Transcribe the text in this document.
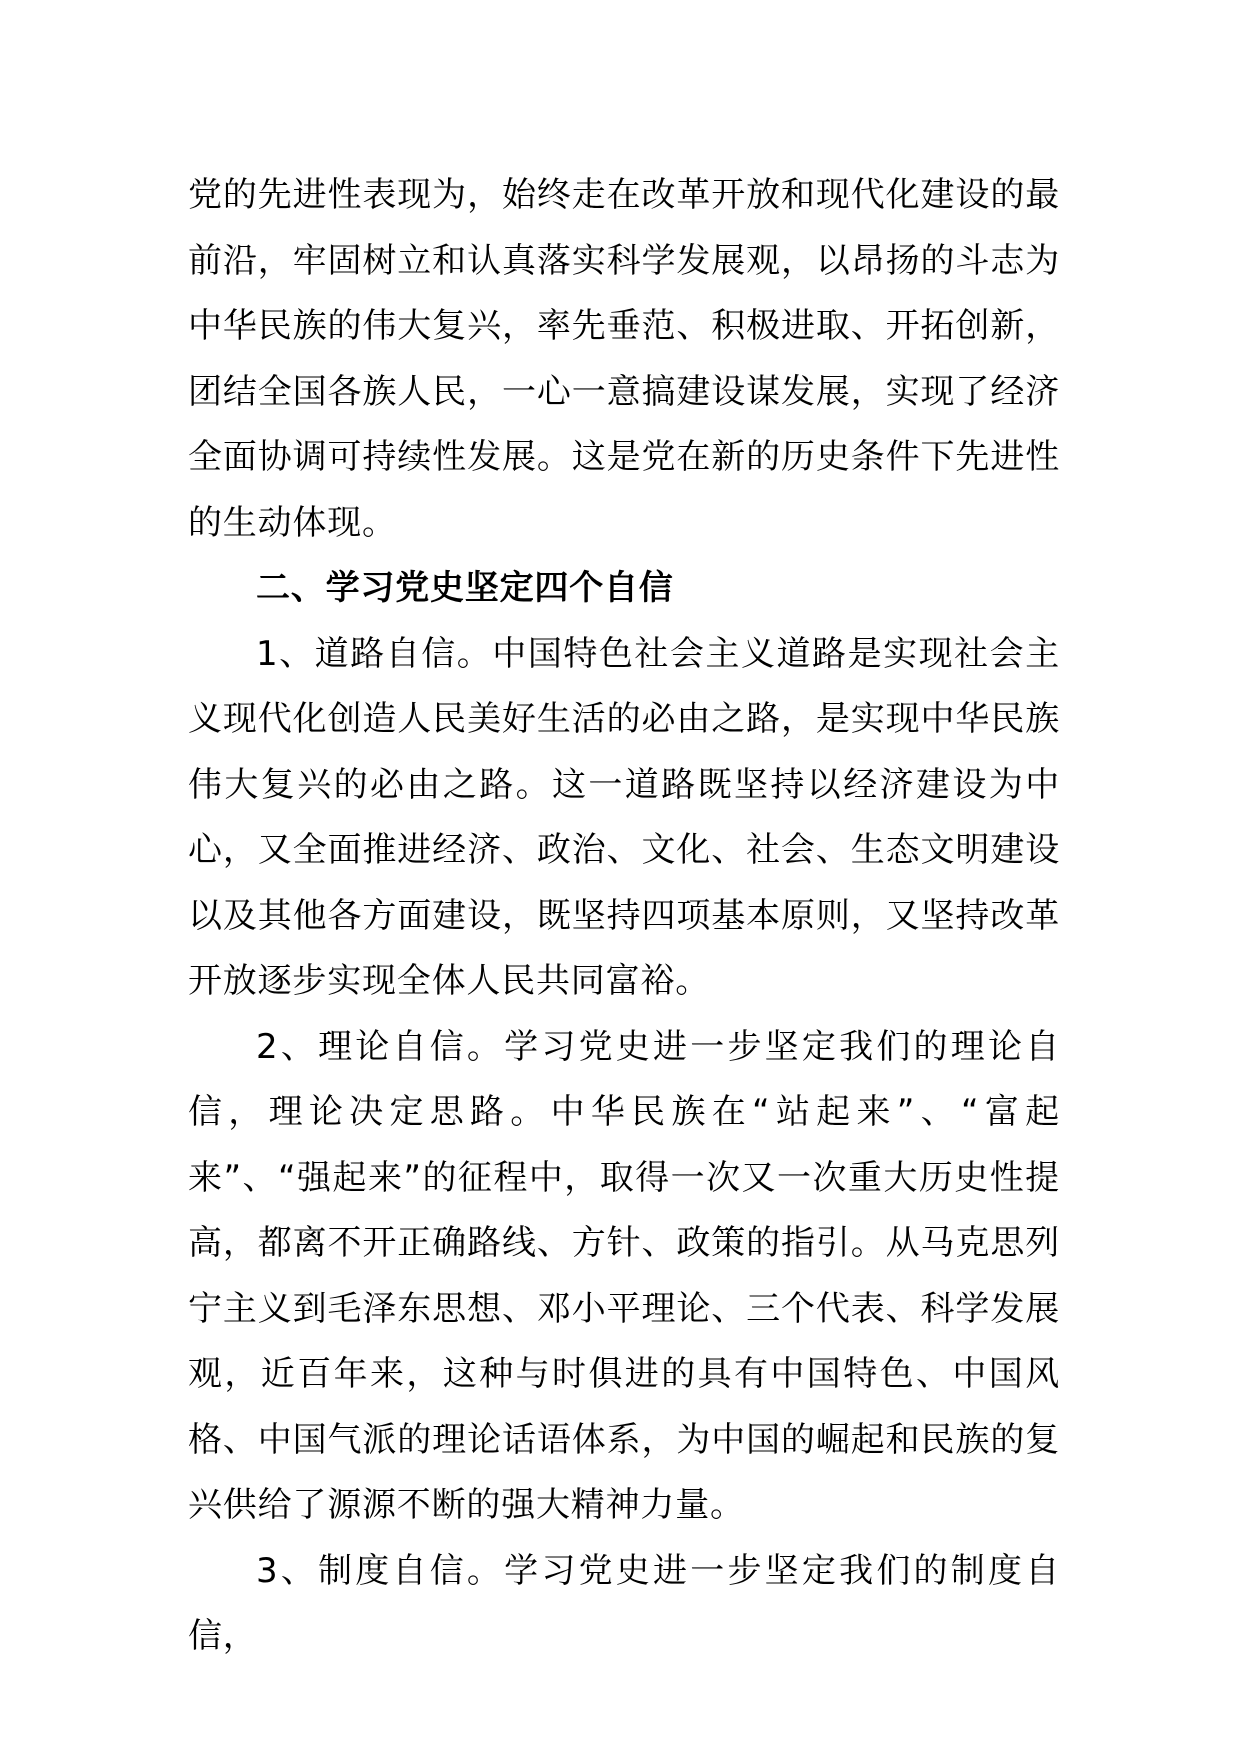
党的先进性表现为，始终走在改革开放和现代化建设的最前沿，牢固树立和认真落实科学发展观，以昂扬的斗志为中华民族的伟大复兴，率先垂范、积极进取、开拓创新，团结全国各族人民，一心一意搞建设谋发展，实现了经济全面协调可持续性发展。这是党在新的历史条件下先进性的生动体现。

二、学习党史坚定四个自信

1、道路自信。中国特色社会主义道路是实现社会主义现代化创造人民美好生活的必由之路，是实现中华民族伟大复兴的必由之路。这一道路既坚持以经济建设为中心，又全面推进经济、政治、文化、社会、生态文明建设以及其他各方面建设，既坚持四项基本原则，又坚持改革开放逐步实现全体人民共同富裕。

2、理论自信。学习党史进一步坚定我们的理论自信，理论决定思路。中华民族在“站起来”、“富起来”、“强起来”的征程中，取得一次又一次重大历史性提高，都离不开正确路线、方针、政策的指引。从马克思列宁主义到毛泽东思想、邓小平理论、三个代表、科学发展观，近百年来，这种与时俱进的具有中国特色、中国风格、中国气派的理论话语体系，为中国的崛起和民族的复兴供给了源源不断的强大精神力量。

3、制度自信。学习党史进一步坚定我们的制度自信，
